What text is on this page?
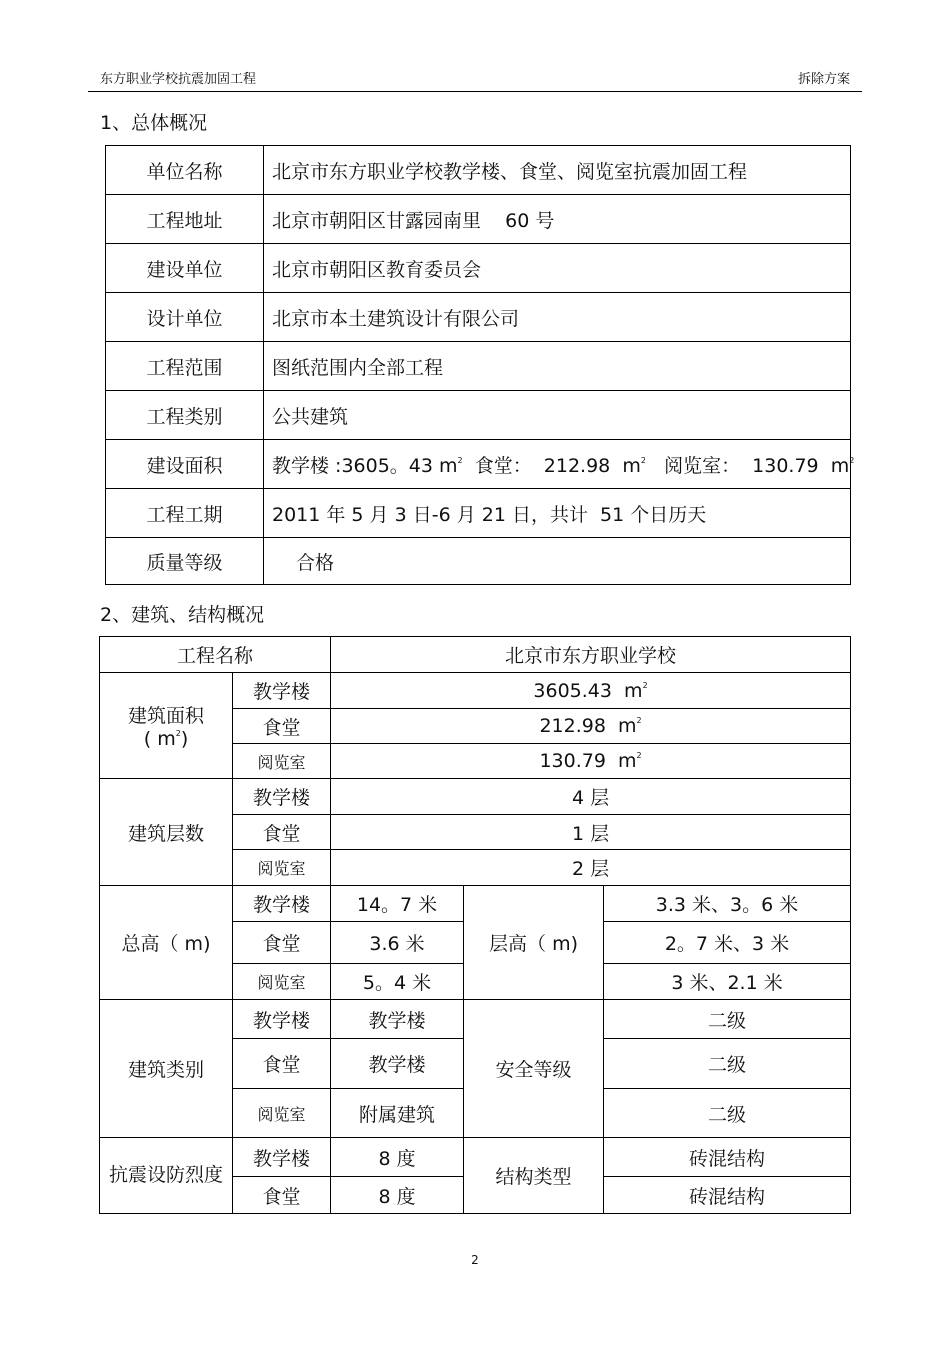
东方职业学校抗震加固工程	拆除方案
1、总体概况
单位名称	北京市东方职业学校教学楼、食堂、阅览室抗震加固工程
工程地址	北京市朝阳区甘露园南里    60 号
建设单位	北京市朝阳区教育委员会
设计单位	北京市本土建筑设计有限公司
工程范围	图纸范围内全部工程
工程类别	公共建筑
建设面积	教学楼 :3605。43 $m^2$  食堂：  212.98  $m^2$   阅览室：  130.79  $m^2$
工程工期	2011 年 5 月 3 日-6 月 21 日，共计  51 个日历天
质量等级	合格
2、建筑、结构概况
工程名称		北京市东方职业学校		

建筑面积
( $m^2$)	教学楼	3605.43  $m^2$
	食堂	212.98  $m^2$
	阅览室	130.79  $m^2$
建筑层数	教学楼	4 层		
	食堂	1 层		
	阅览室	2 层		
总高（ m)	教学楼	14。7 米	层高（ m)	3.3 米、3。6 米
	食堂	3.6 米		2。7 米、3 米
	阅览室	5。4 米		3 米、2.1 米
建筑类别	教学楼	教学楼	安全等级	二级
	食堂	教学楼		二级
	阅览室	附属建筑		二级
抗震设防烈度	教学楼	8 度	结构类型	砖混结构
	食堂	8 度		砖混结构
2
